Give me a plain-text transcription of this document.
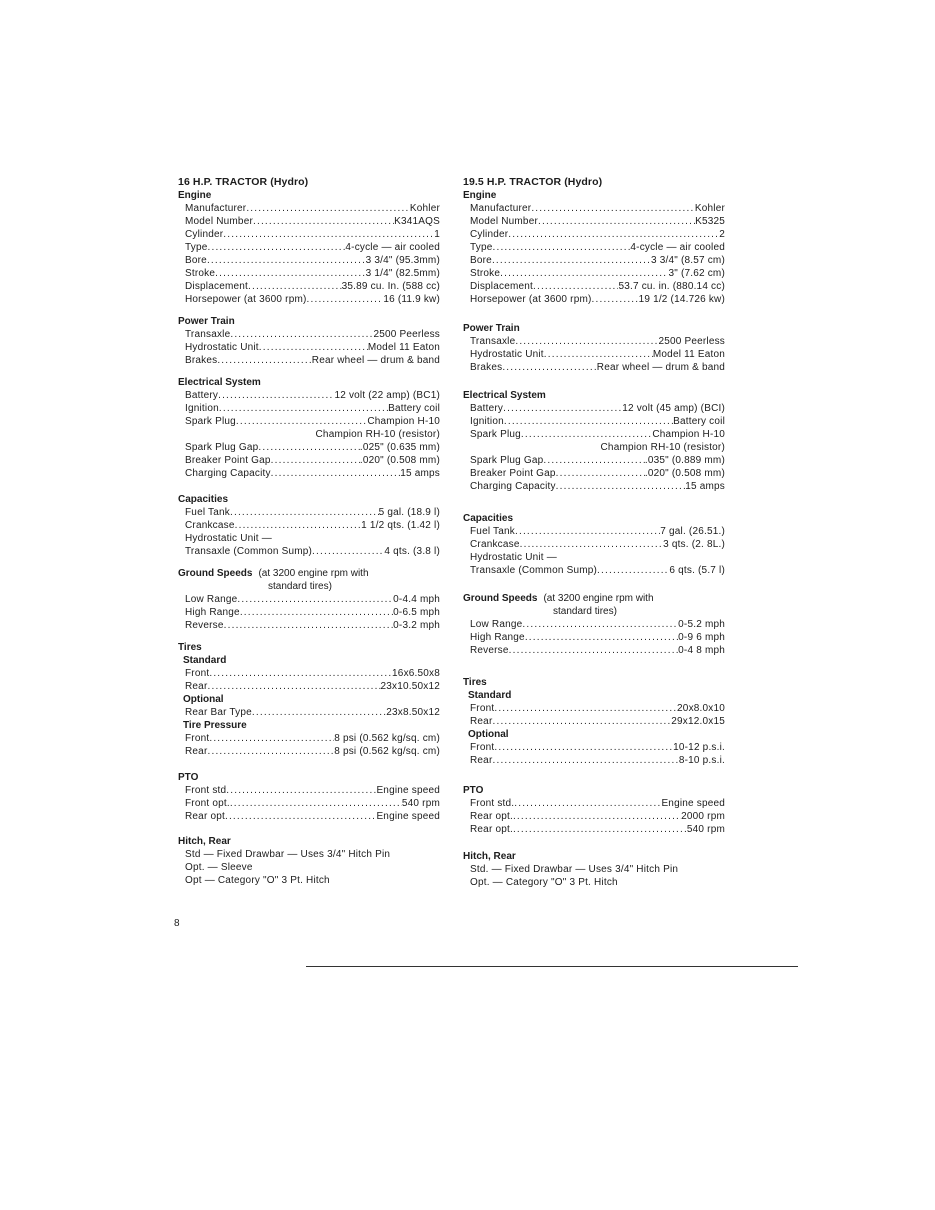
16 H.P. TRACTOR (Hydro)
Engine
Manufacturer .....	Kohler
Model Number .....	K341AQS
Cylinder .....	1
Type .....	4-cycle — air cooled
Bore .....	3 3/4" (95.3mm)
Stroke .....	3 1/4" (82.5mm)
Displacement .....	35.89 cu. In. (588 cc)
Horsepower (at 3600 rpm) .....	16 (11.9 kw)
Power Train
Transaxle .....	2500 Peerless
Hydrostatic Unit .....	Model 11 Eaton
Brakes .....	Rear wheel — drum & band
Electrical System
Battery .....	12 volt (22 amp) (BC1)
Ignition .....	Battery coil
Spark Plug .....	Champion H-10
Champion RH-10 (resistor)
Spark Plug Gap .....	.025" (0.635 mm)
Breaker Point Gap .....	.020" (0.508 mm)
Charging Capacity .....	15 amps
Capacities
Fuel Tank .....	5 gal. (18.9 l)
Crankcase .....	1 1/2 qts. (1.42 l)
Hydrostatic Unit —
Transaxle (Common Sump) .....	4 qts. (3.8 l)
Ground Speeds (at 3200 engine rpm with
standard tires)
Low Range .....	0-4.4 mph
High Range .....	0-6.5 mph
Reverse .....	0-3.2 mph
Tires
Standard
Front .....	16x6.50x8
Rear .....	23x10.50x12
Optional
Rear Bar Type .....	23x8.50x12
Tire Pressure
Front .....	8 psi (0.562 kg/sq. cm)
Rear .....	8 psi (0.562 kg/sq. cm)
PTO
Front std .....	Engine speed
Front opt. .....	540 rpm
Rear opt .....	Engine speed
Hitch, Rear
Std — Fixed Drawbar — Uses 3/4" Hitch Pin
Opt. — Sleeve
Opt — Category "O" 3 Pt. Hitch
19.5 H.P. TRACTOR (Hydro)
Engine
Manufacturer .....	Kohler
Model Number .....	K5325
Cylinder .....	2
Type .....	4-cycle — air cooled
Bore .....	3 3/4" (8.57 cm)
Stroke .....	3" (7.62 cm)
Displacement .....	53.7 cu. in. (880.14 cc)
Horsepower (at 3600 rpm) .....	19 1/2 (14.726 kw)
Power Train
Transaxle .....	2500 Peerless
Hydrostatic Unit .....	Model 11 Eaton
Brakes .....	Rear wheel — drum & band
Electrical System
Battery .....	12 volt (45 amp) (BCI)
Ignition .....	Battery coil
Spark Plug .....	Champion H-10
Champion RH-10 (resistor)
Spark Plug Gap .....	.035" (0.889 mm)
Breaker Point Gap .....	.020" (0.508 mm)
Charging Capacity .....	15 amps
Capacities
Fuel Tank .....	7 gal. (26.51.)
Crankcase .....	3 qts. (2. 8L.)
Hydrostatic Unit —
Transaxle (Common Sump) .....	6 qts. (5.7 l)
Ground Speeds (at 3200 engine rpm with
standard tires)
Low Range .....	0-5.2 mph
High Range .....	0-9 6 mph
Reverse .....	0-4 8 mph
Tires
Standard
Front .....	20x8.0x10
Rear .....	29x12.0x15
Optional
Front .....	10-12 p.s.i.
Rear .....	8-10 p.s.i.
PTO
Front std. .....	Engine speed
Rear opt. .....	2000 rpm
Rear opt. .....	540 rpm
Hitch, Rear
Std. — Fixed Drawbar — Uses 3/4" Hitch Pin
Opt. — Category "O" 3 Pt. Hitch
8
